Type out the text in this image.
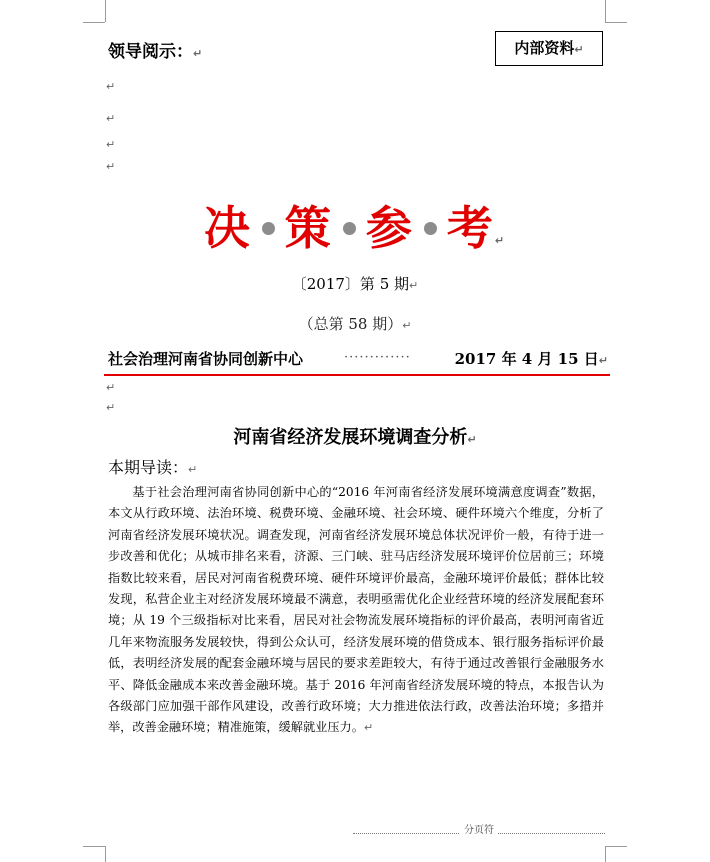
领导阅示：↵	内部资料↵
↵
↵
↵
↵
决 策 参 考↵
〔2017〕第 5 期↵
（总第 58 期）↵
社会治理河南省协同创新中心	·············	2017 年 4 月 15 日↵
↵
↵
河南省经济发展环境调查分析↵
本期导读：↵
基于社会治理河南省协同创新中心的“2016 年河南省经济发展环境满意度调查”数据，本文从行政环境、法治环境、税费环境、金融环境、社会环境、硬件环境六个维度，分析了河南省经济发展环境状况。调查发现，河南省经济发展环境总体状况评价一般，有待于进一步改善和优化；从城市排名来看，济源、三门峡、驻马店经济发展环境评价位居前三；环境指数比较来看，居民对河南省税费环境、硬件环境评价最高，金融环境评价最低；群体比较发现，私营企业主对经济发展环境最不满意，表明亟需优化企业经营环境的经济发展配套环境；从 19 个三级指标对比来看，居民对社会物流发展环境指标的评价最高，表明河南省近几年来物流服务发展较快，得到公众认可，经济发展环境的借贷成本、银行服务指标评价最低，表明经济发展的配套金融环境与居民的要求差距较大，有待于通过改善银行金融服务水平、降低金融成本来改善金融环境。基于 2016 年河南省经济发展环境的特点，本报告认为各级部门应加强干部作风建设，改善行政环境；大力推进依法行政，改善法治环境；多措并举，改善金融环境；精准施策，缓解就业压力。↵
分页符
